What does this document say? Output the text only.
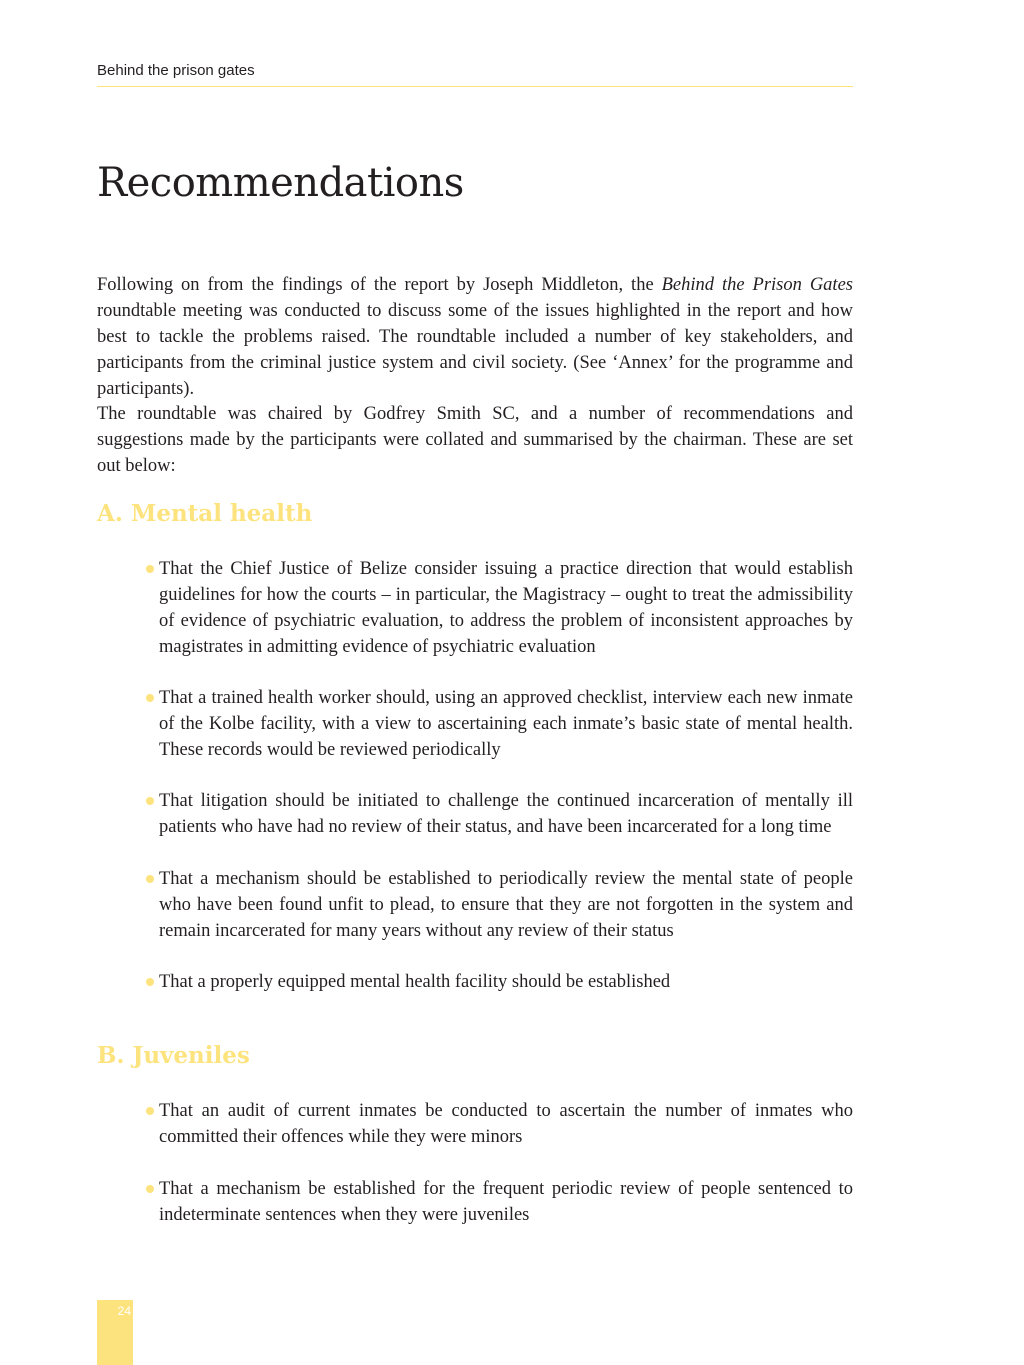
Behind the prison gates
Recommendations

Following on from the findings of the report by Joseph Middleton, the Behind the Prison Gates roundtable meeting was conducted to discuss some of the issues highlighted in the report and how best to tackle the problems raised. The roundtable included a number of key stakeholders, and participants from the criminal justice system and civil society. (See ‘Annex’ for the programme and participants).

The roundtable was chaired by Godfrey Smith SC, and a number of recommendations and suggestions made by the participants were collated and summarised by the chairman. These are set out below:

A. Mental health
That the Chief Justice of Belize consider issuing a practice direction that would establish guidelines for how the courts – in particular, the Magistracy – ought to treat the admissibility of evidence of psychiatric evaluation, to address the problem of inconsistent approaches by magistrates in admitting evidence of psychiatric evaluation
That a trained health worker should, using an approved checklist, interview each new inmate of the Kolbe facility, with a view to ascertaining each inmate’s basic state of mental health. These records would be reviewed periodically
That litigation should be initiated to challenge the continued incarceration of mentally ill patients who have had no review of their status, and have been incarcerated for a long time
That a mechanism should be established to periodically review the mental state of people who have been found unfit to plead, to ensure that they are not forgotten in the system and remain incarcerated for many years without any review of their status
That a properly equipped mental health facility should be established
B. Juveniles
That an audit of current inmates be conducted to ascertain the number of inmates who committed their offences while they were minors
That a mechanism be established for the frequent periodic review of people sentenced to indeterminate sentences when they were juveniles
24
